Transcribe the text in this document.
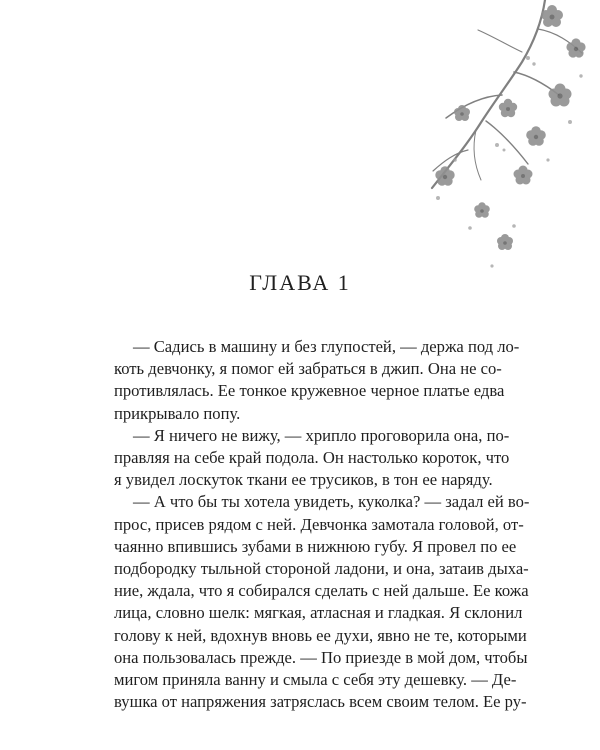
ГЛАВА 1
— Садись в машину и без глупостей, — держа под ло-
коть девчонку, я помог ей забраться в джип. Она не со-
противлялась. Ее тонкое кружевное черное платье едва
прикрывало попу.
— Я ничего не вижу, — хрипло проговорила она, по-
правляя на себе край подола. Он настолько короток, что
я увидел лоскуток ткани ее трусиков, в тон ее наряду.
— А что бы ты хотела увидеть, куколка? — задал ей во-
прос, присев рядом с ней. Девчонка замотала головой, от-
чаянно впившись зубами в нижнюю губу. Я провел по ее
подбородку тыльной стороной ладони, и она, затаив дыха-
ние, ждала, что я собирался сделать с ней дальше. Ее кожа
лица, словно шелк: мягкая, атласная и гладкая. Я склонил
голову к ней, вдохнув вновь ее духи, явно не те, которыми
она пользовалась прежде. — По приезде в мой дом, чтобы
мигом приняла ванну и смыла с себя эту дешевку. — Де-
вушка от напряжения затряслась всем своим телом. Ее ру-
